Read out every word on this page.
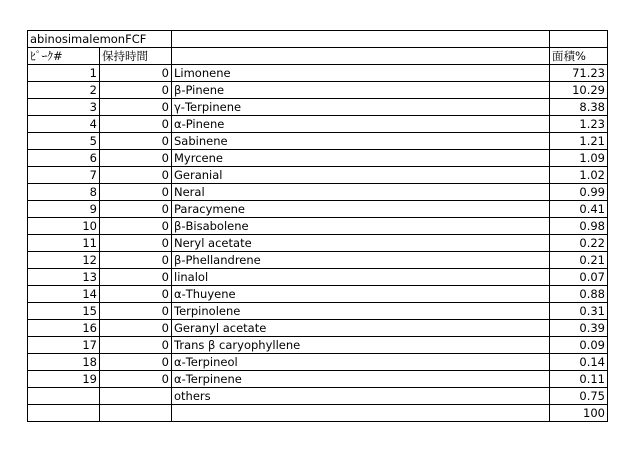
abinosimalemonFCF			
ﾋﾟｰｸ#	保持時間		面積%
1	0	Limonene	71.23
2	0	β-Pinene	10.29
3	0	γ-Terpinene	8.38
4	0	α-Pinene	1.23
5	0	Sabinene	1.21
6	0	Myrcene	1.09
7	0	Geranial	1.02
8	0	Neral	0.99
9	0	Paracymene	0.41
10	0	β-Bisabolene	0.98
11	0	Neryl acetate	0.22
12	0	β-Phellandrene	0.21
13	0	linalol	0.07
14	0	α-Thuyene	0.88
15	0	Terpinolene	0.31
16	0	Geranyl acetate	0.39
17	0	Trans β caryophyllene	0.09
18	0	α-Terpineol	0.14
19	0	α-Terpinene	0.11
		others	0.75
			100
